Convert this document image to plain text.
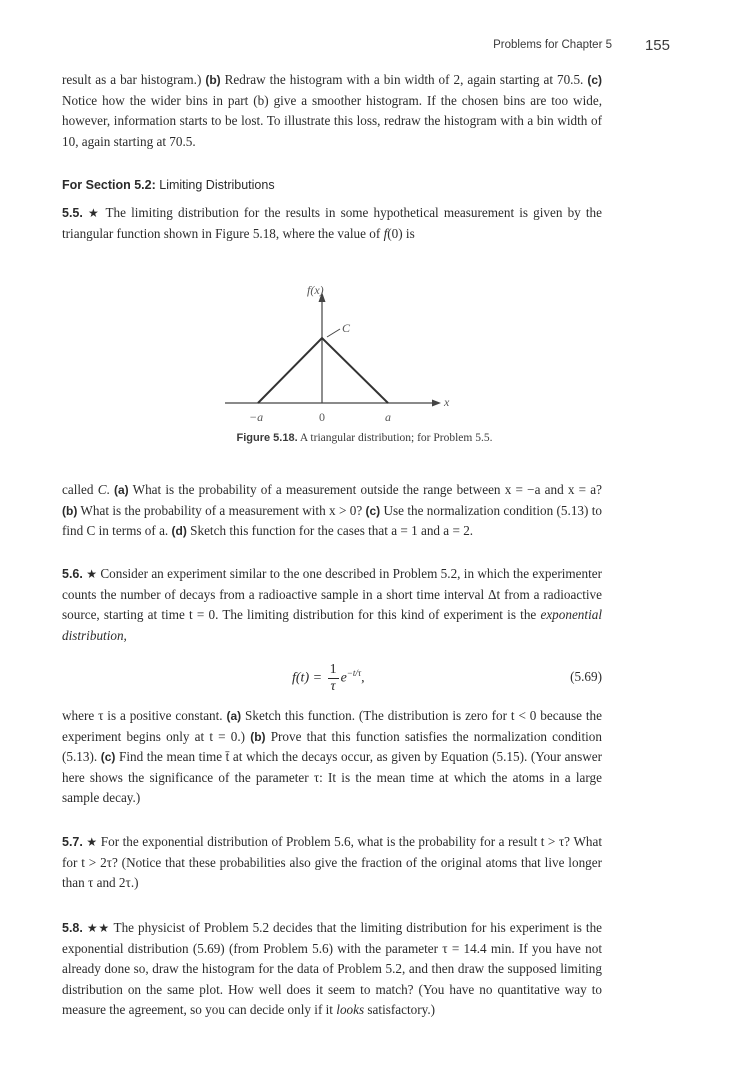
Problems for Chapter 5 155

result as a bar histogram.) (b) Redraw the histogram with a bin width of 2, again starting at 70.5. (c) Notice how the wider bins in part (b) give a smoother histogram. If the chosen bins are too wide, however, information starts to be lost. To illustrate this loss, redraw the histogram with a bin width of 10, again starting at 70.5.

For Section 5.2: Limiting Distributions

5.5. ★ The limiting distribution for the results in some hypothetical measurement is given by the triangular function shown in Figure 5.18, where the value of f(0) is

f(x)
C
x
−a	0	a
Figure 5.18. A triangular distribution; for Problem 5.5.

called C. (a) What is the probability of a measurement outside the range between x = −a and x = a? (b) What is the probability of a measurement with x > 0? (c) Use the normalization condition (5.13) to find C in terms of a. (d) Sketch this function for the cases that a = 1 and a = 2.

5.6. ★ Consider an experiment similar to the one described in Problem 5.2, in which the experimenter counts the number of decays from a radioactive sample in a short time interval Δt from a radioactive source, starting at time t = 0. The limiting distribution for this kind of experiment is the exponential distribution,

$f(t) = \frac{1}{\tau} e^{-t/\tau}$,	(5.69)

where τ is a positive constant. (a) Sketch this function. (The distribution is zero for t < 0 because the experiment begins only at t = 0.) (b) Prove that this function satisfies the normalization condition (5.13). (c) Find the mean time t̄ at which the decays occur, as given by Equation (5.15). (Your answer here shows the significance of the parameter τ: It is the mean time at which the atoms in a large sample decay.)

5.7. ★ For the exponential distribution of Problem 5.6, what is the probability for a result t > τ? What for t > 2τ? (Notice that these probabilities also give the fraction of the original atoms that live longer than τ and 2τ.)

5.8. ★★ The physicist of Problem 5.2 decides that the limiting distribution for his experiment is the exponential distribution (5.69) (from Problem 5.6) with the parameter τ = 14.4 min. If you have not already done so, draw the histogram for the data of Problem 5.2, and then draw the supposed limiting distribution on the same plot. How well does it seem to match? (You have no quantitative way to measure the agreement, so you can decide only if it looks satisfactory.)
